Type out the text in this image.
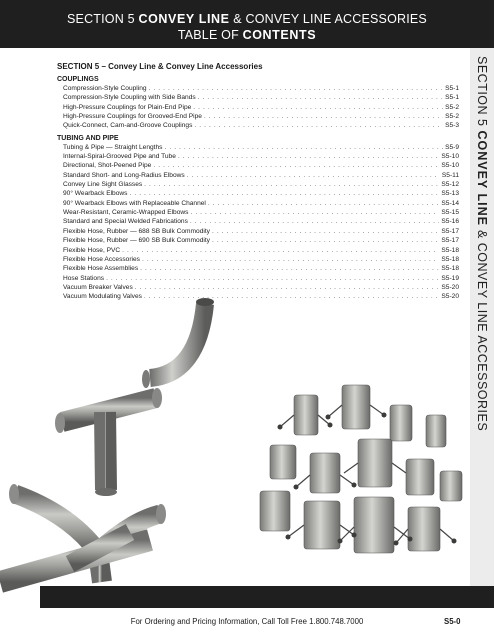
SECTION 5 CONVEY LINE & CONVEY LINE ACCESSORIES
TABLE OF CONTENTS
SECTION 5 CONVEY LINE & CONVEY LINE ACCESSORIES
SECTION 5 – Convey Line & Convey Line Accessories
COUPLINGS
Compression-Style Coupling . . .	S5-1
Compression-Style Coupling with Side Bands . . .	S5-1
High-Pressure Couplings for Plain-End Pipe . . .	S5-2
High-Pressure Couplings for Grooved-End Pipe . . .	S5-2
Quick-Connect, Cam-and-Groove Couplings . . .	S5-3
TUBING AND PIPE
Tubing & Pipe — Straight Lengths . . .	S5-9
Internal-Spiral-Grooved Pipe and Tube . . .	S5-10
Directional, Shot-Peened Pipe . . .	S5-10
Standard Short- and Long-Radius Elbows . . .	S5-11
Convey Line Sight Glasses . . .	S5-12
90° Wearback Elbows . . .	S5-13
90° Wearback Elbows with Replaceable Channel . . .	S5-14
Wear-Resistant, Ceramic-Wrapped Elbows . . .	S5-15
Standard and Special Welded Fabrications . . .	S5-16
Flexible Hose, Rubber — 688 SB Bulk Commodity . . .	S5-17
Flexible Hose, Rubber — 690 SB Bulk Commodity . . .	S5-17
Flexible Hose, PVC . . .	S5-18
Flexible Hose Accessories . . .	S5-18
Flexible Hose Assemblies . . .	S5-18
Hose Stations . . .	S5-19
Vacuum Breaker Valves . . .	S5-20
Vacuum Modulating Valves . . .	S5-20
For Ordering and Pricing Information, Call Toll Free 1.800.748.7000	S5-0
